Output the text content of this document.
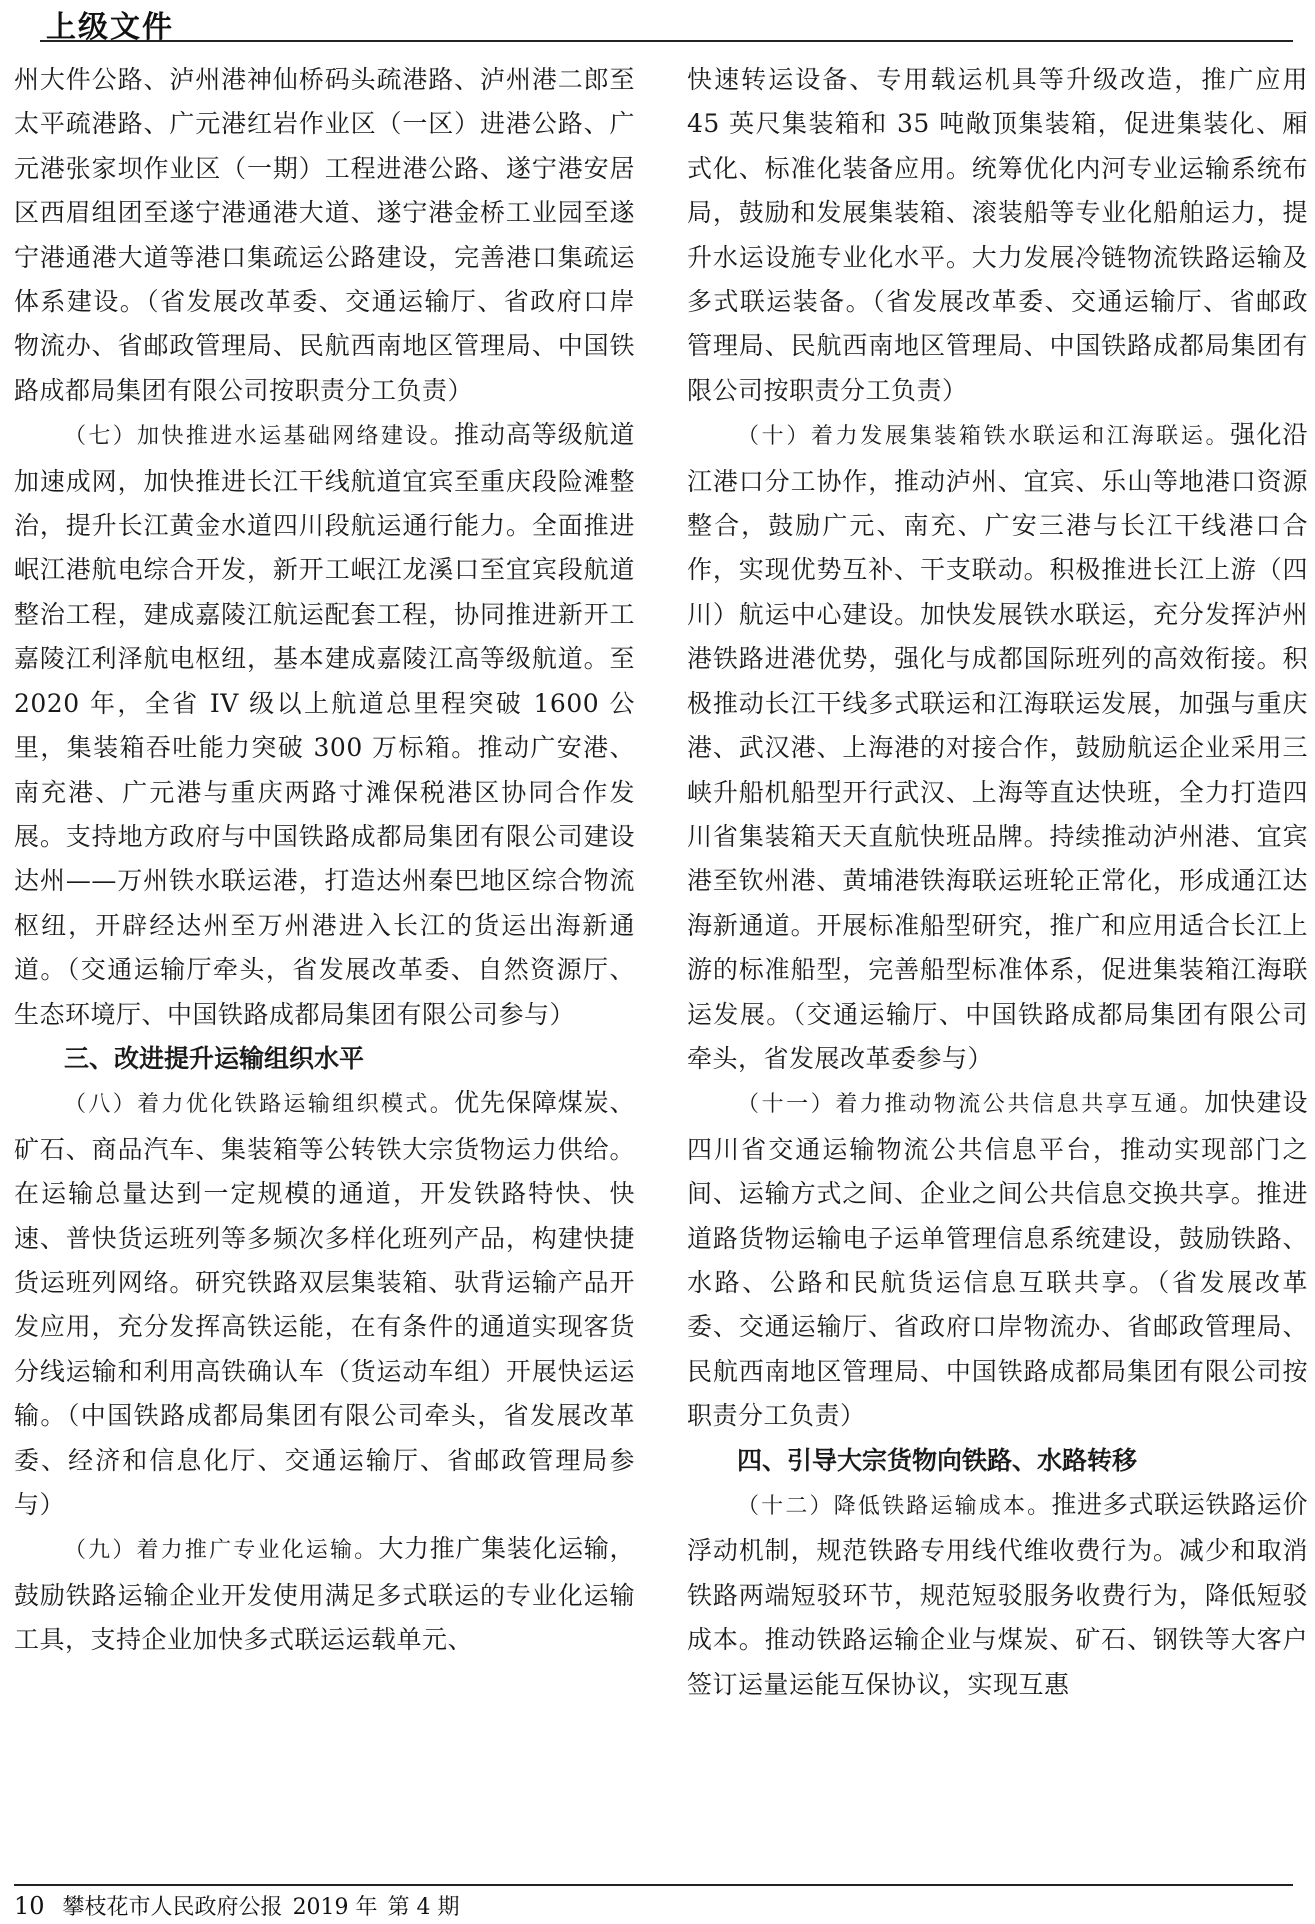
上级文件

州大件公路、泸州港神仙桥码头疏港路、泸州港二郎至太平疏港路、广元港红岩作业区（一区）进港公路、广元港张家坝作业区（一期）工程进港公路、遂宁港安居区西眉组团至遂宁港通港大道、遂宁港金桥工业园至遂宁港通港大道等港口集疏运公路建设，完善港口集疏运体系建设。（省发展改革委、交通运输厅、省政府口岸物流办、省邮政管理局、民航西南地区管理局、中国铁路成都局集团有限公司按职责分工负责）

（七）加快推进水运基础网络建设。推动高等级航道加速成网，加快推进长江干线航道宜宾至重庆段险滩整治，提升长江黄金水道四川段航运通行能力。全面推进岷江港航电综合开发，新开工岷江龙溪口至宜宾段航道整治工程，建成嘉陵江航运配套工程，协同推进新开工嘉陵江利泽航电枢纽，基本建成嘉陵江高等级航道。至 2020 年，全省 IV 级以上航道总里程突破 1600 公里，集装箱吞吐能力突破 300 万标箱。推动广安港、南充港、广元港与重庆两路寸滩保税港区协同合作发展。支持地方政府与中国铁路成都局集团有限公司建设达州——万州铁水联运港，打造达州秦巴地区综合物流枢纽，开辟经达州至万州港进入长江的货运出海新通道。（交通运输厅牵头，省发展改革委、自然资源厅、生态环境厅、中国铁路成都局集团有限公司参与）

三、改进提升运输组织水平

（八）着力优化铁路运输组织模式。优先保障煤炭、矿石、商品汽车、集装箱等公转铁大宗货物运力供给。在运输总量达到一定规模的通道，开发铁路特快、快速、普快货运班列等多频次多样化班列产品，构建快捷货运班列网络。研究铁路双层集装箱、驮背运输产品开发应用，充分发挥高铁运能，在有条件的通道实现客货分线运输和利用高铁确认车（货运动车组）开展快运运输。（中国铁路成都局集团有限公司牵头，省发展改革委、经济和信息化厅、交通运输厅、省邮政管理局参与）

（九）着力推广专业化运输。大力推广集装化运输，鼓励铁路运输企业开发使用满足多式联运的专业化运输工具，支持企业加快多式联运运载单元、

快速转运设备、专用载运机具等升级改造，推广应用 45 英尺集装箱和 35 吨敞顶集装箱，促进集装化、厢式化、标准化装备应用。统筹优化内河专业运输系统布局，鼓励和发展集装箱、滚装船等专业化船舶运力，提升水运设施专业化水平。大力发展冷链物流铁路运输及多式联运装备。（省发展改革委、交通运输厅、省邮政管理局、民航西南地区管理局、中国铁路成都局集团有限公司按职责分工负责）

（十）着力发展集装箱铁水联运和江海联运。强化沿江港口分工协作，推动泸州、宜宾、乐山等地港口资源整合，鼓励广元、南充、广安三港与长江干线港口合作，实现优势互补、干支联动。积极推进长江上游（四川）航运中心建设。加快发展铁水联运，充分发挥泸州港铁路进港优势，强化与成都国际班列的高效衔接。积极推动长江干线多式联运和江海联运发展，加强与重庆港、武汉港、上海港的对接合作，鼓励航运企业采用三峡升船机船型开行武汉、上海等直达快班，全力打造四川省集装箱天天直航快班品牌。持续推动泸州港、宜宾港至钦州港、黄埔港铁海联运班轮正常化，形成通江达海新通道。开展标准船型研究，推广和应用适合长江上游的标准船型，完善船型标准体系，促进集装箱江海联运发展。（交通运输厅、中国铁路成都局集团有限公司牵头，省发展改革委参与）

（十一）着力推动物流公共信息共享互通。加快建设四川省交通运输物流公共信息平台，推动实现部门之间、运输方式之间、企业之间公共信息交换共享。推进道路货物运输电子运单管理信息系统建设，鼓励铁路、水路、公路和民航货运信息互联共享。（省发展改革委、交通运输厅、省政府口岸物流办、省邮政管理局、民航西南地区管理局、中国铁路成都局集团有限公司按职责分工负责）

四、引导大宗货物向铁路、水路转移

（十二）降低铁路运输成本。推进多式联运铁路运价浮动机制，规范铁路专用线代维收费行为。减少和取消铁路两端短驳环节，规范短驳服务收费行为，降低短驳成本。推动铁路运输企业与煤炭、矿石、钢铁等大客户签订运量运能互保协议，实现互惠

10 攀枝花市人民政府公报 2019 年 第 4 期
